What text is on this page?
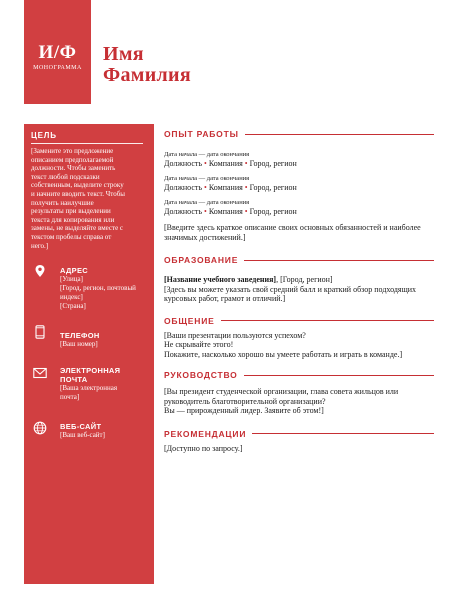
И/Ф
МОНОГРАММА
Имя
Фамилия
ЦЕЛЬ
[Замените это предложение описанием предполагаемой должности. Чтобы заменить текст любой подсказки собственным, выделите строку и начните вводить текст. Чтобы получить наилучшие результаты при выделении текста для копирования или замены, не выделяйте вместе с текстом пробелы справа от него.]
АДРЕС
[Улица]
[Город, регион, почтовый индекс]
[Страна]
ТЕЛЕФОН
[Ваш номер]
ЭЛЕКТРОННАЯ
ПОЧТА
[Ваша электронная
почта]
ВЕБ-САЙТ
[Ваш веб-сайт]
ОПЫТ РАБОТЫ
Дата начала — дата окончания
Должность • Компания • Город, регион
Дата начала — дата окончания
Должность • Компания • Город, регион
Дата начала — дата окончания
Должность • Компания • Город, регион
[Введите здесь краткое описание своих основных обязанностей и наиболее значимых достижений.]
ОБРАЗОВАНИЕ
[Название учебного заведения], [Город, регион]
[Здесь вы можете указать свой средний балл и краткий обзор подходящих курсовых работ, грамот и отличий.]
ОБЩЕНИЕ
[Ваши презентации пользуются успехом?
Не скрывайте этого!
Покажите, насколько хорошо вы умеете работать и играть в команде.]
РУКОВОДСТВО
[Вы президент студенческой организации, глава совета жильцов или руководитель благотворительной организации?
Вы — прирожденный лидер. Заявите об этом!]
РЕКОМЕНДАЦИИ
[Доступно по запросу.]
